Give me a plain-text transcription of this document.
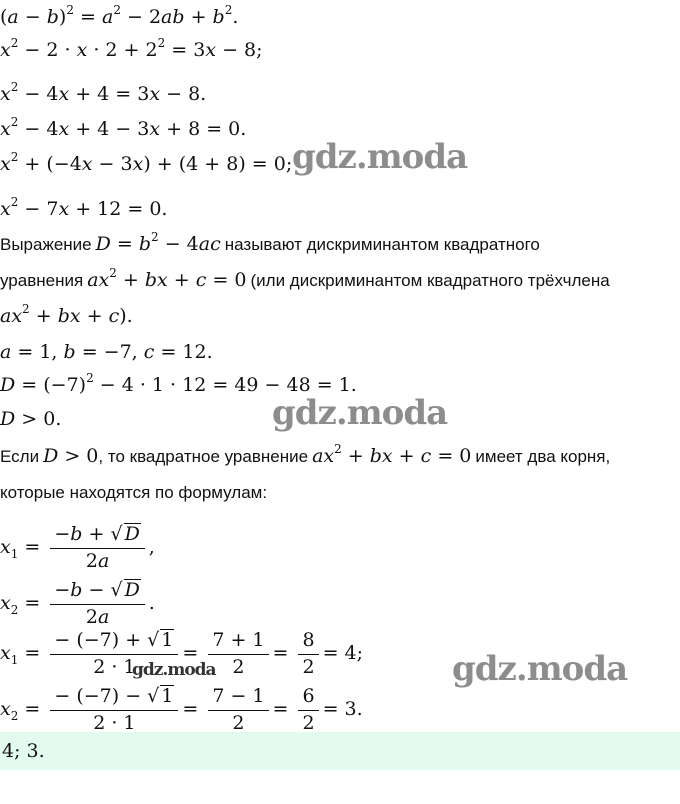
$(a - b)^2 = a^2 - 2ab + b^2$.
$x^2 - 2 \cdot x \cdot 2 + 2^2 = 3x - 8$;
$x^2 - 4x + 4 = 3x - 8$.
$x^2 - 4x + 4 - 3x + 8 = 0$.
$x^2 + (-4x - 3x) + (4 + 8) = 0$;
$x^2 - 7x + 12 = 0$.
Выражение $D = b^2 - 4ac$ называют дискриминантом квадратного
уравнения $ax^2$ + bx + c = 0 (или дискриминантом квадратного трёхчлена
$ax^2$ + bx + c).
a = 1, b = −7, c = 12.
$D = (-7)^2 - 4 \cdot 1 \cdot 12 = 49 - 48 = 1$.
D > 0.
Если D > 0, то квадратное уравнение $ax^2$ + bx + c = 0 имеет два корня,
которые находятся по формулам:
$x_1 = \frac{-b + √ D}{2a}$ ,
$x_2 = \frac{-b - √ D}{2a}$ .
$x_1 = \frac{- (-7) + √ 1}{2 \cdot 1} = \frac{7 + 1}{2} = \frac{8}{2} = 4$;
$x_2 = \frac{- (-7) - √ 1}{2 \cdot 1} = \frac{7 - 1}{2} = \frac{6}{2} = 3$.
4; 3.
gdz.moda
gdz.moda
gdz.moda
gdz.moda
